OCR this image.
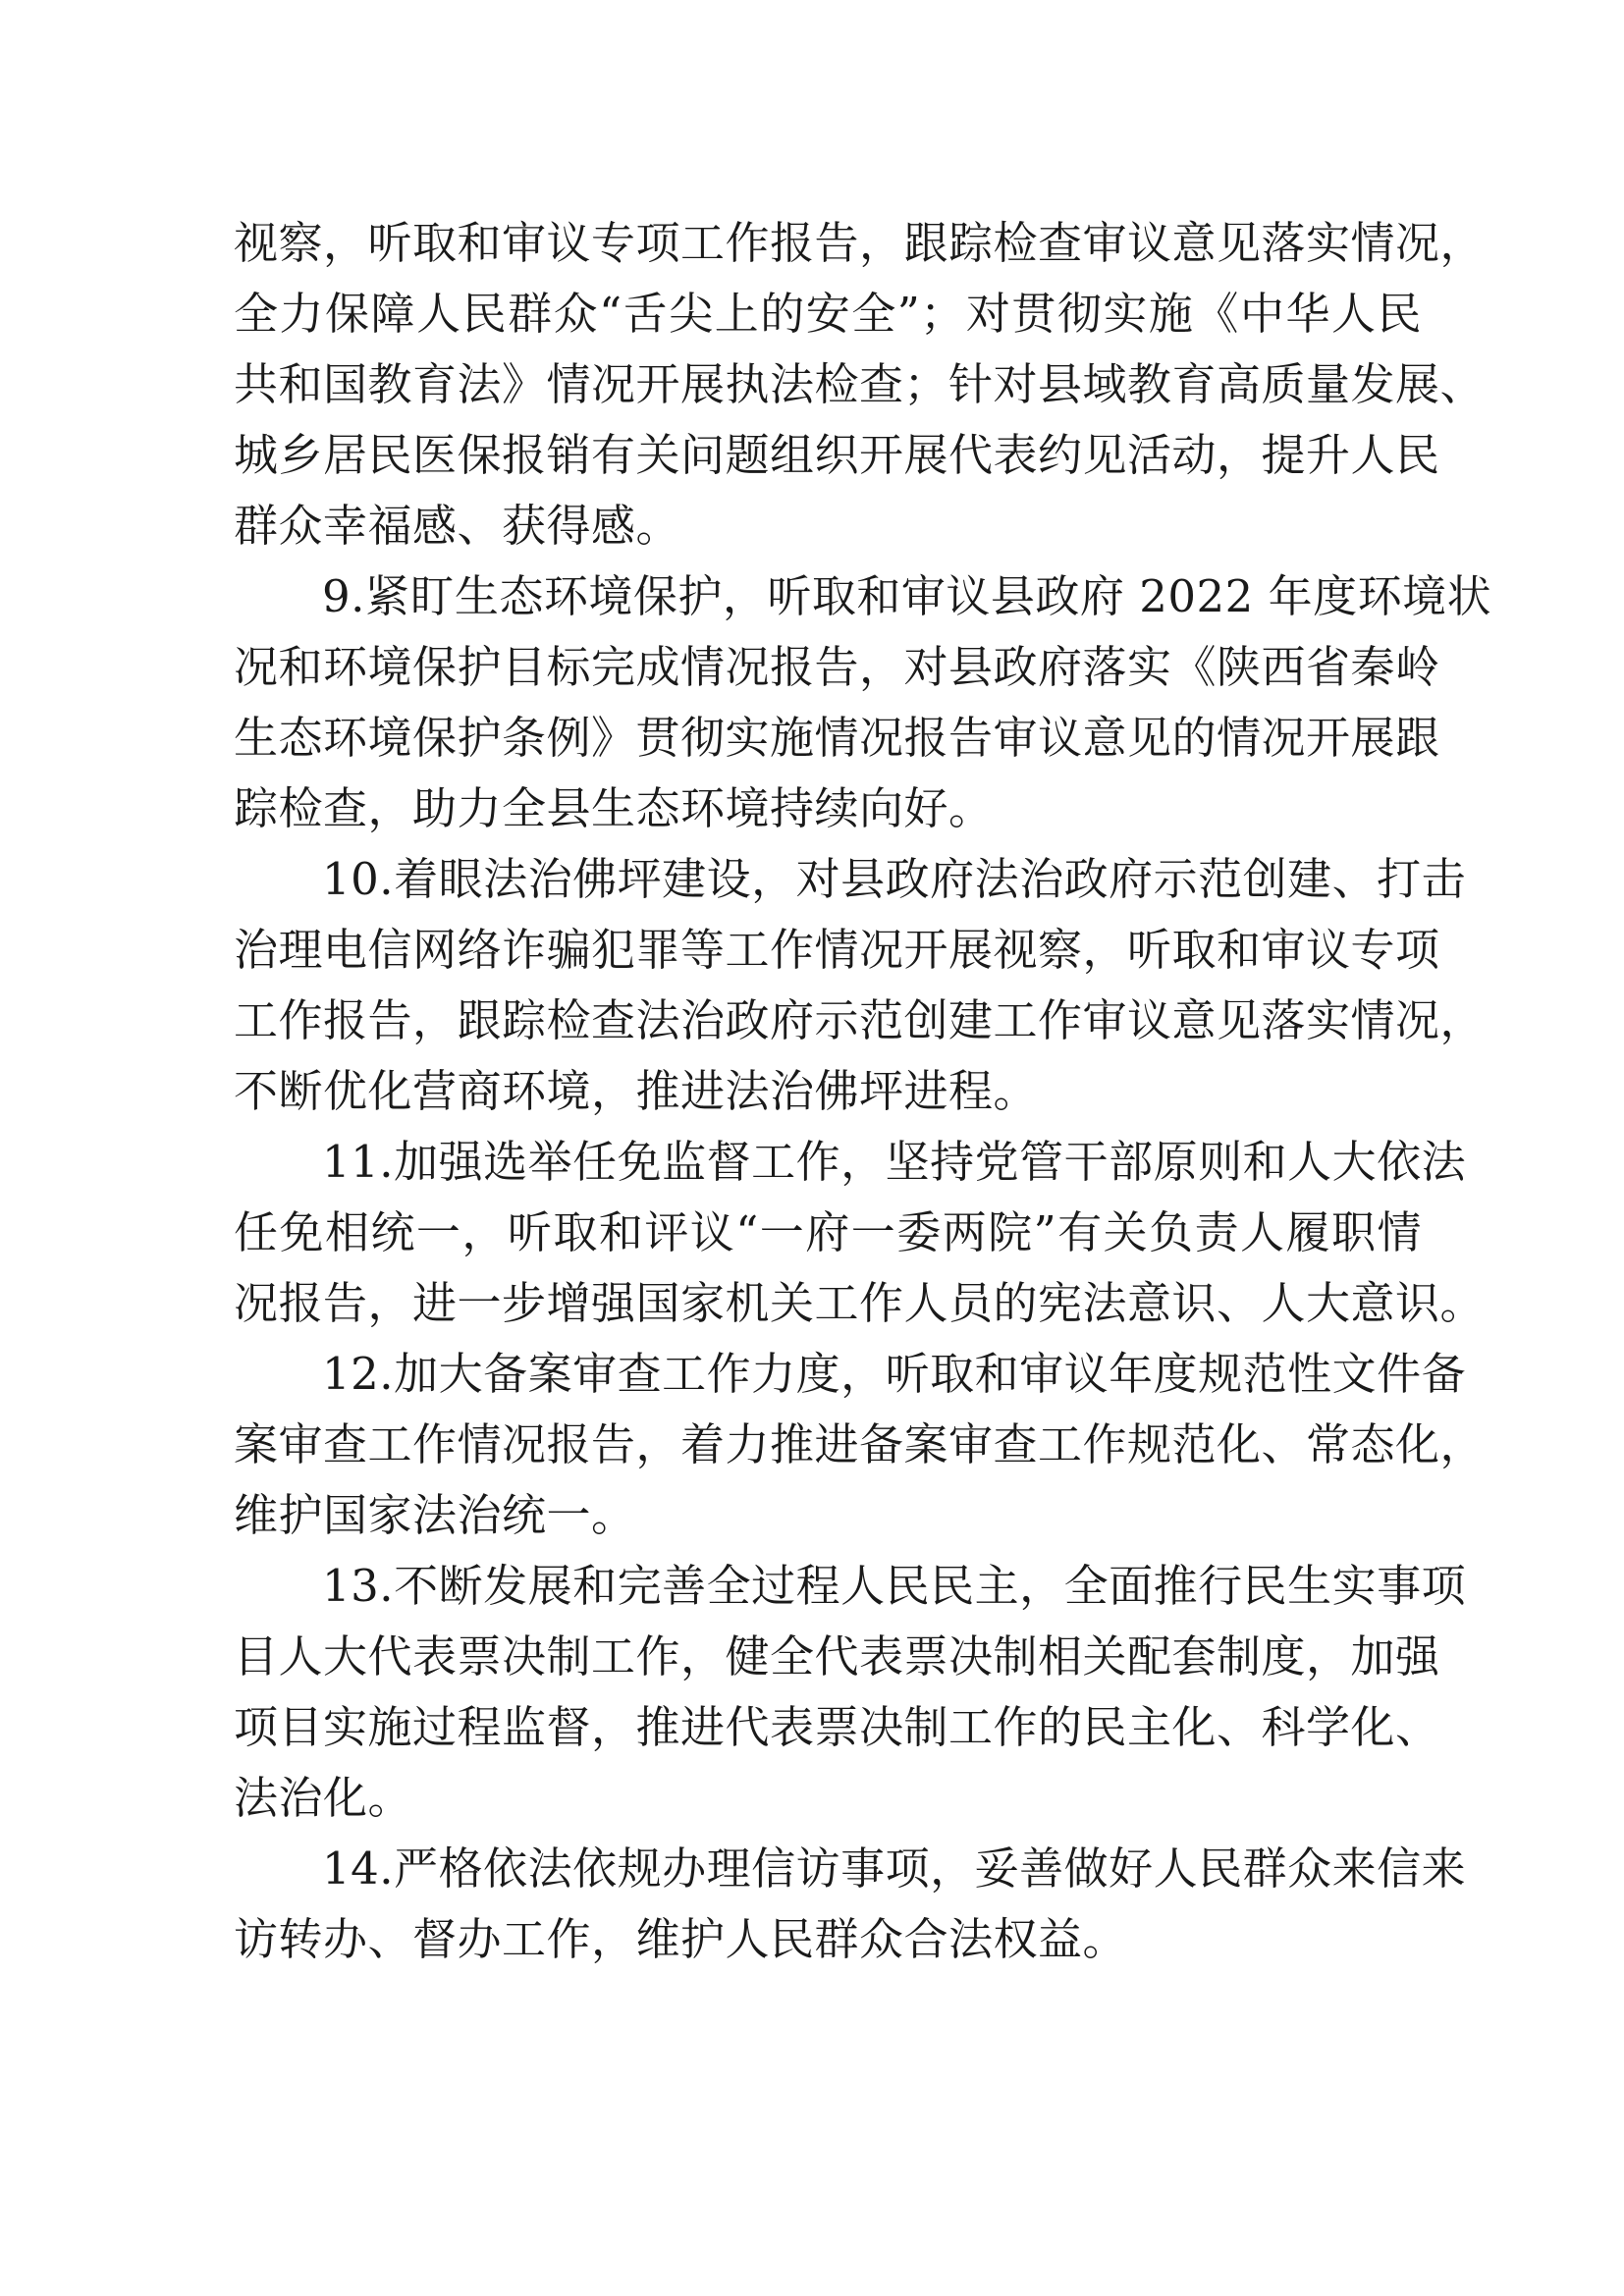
视察，听取和审议专项工作报告，跟踪检查审议意见落实情况，
全力保障人民群众“舌尖上的安全”；对贯彻实施《中华人民
共和国教育法》情况开展执法检查；针对县域教育高质量发展、
城乡居民医保报销有关问题组织开展代表约见活动，提升人民
群众幸福感、获得感。
9.紧盯生态环境保护，听取和审议县政府 2022 年度环境状
况和环境保护目标完成情况报告，对县政府落实《陕西省秦岭
生态环境保护条例》贯彻实施情况报告审议意见的情况开展跟
踪检查，助力全县生态环境持续向好。
10.着眼法治佛坪建设，对县政府法治政府示范创建、打击
治理电信网络诈骗犯罪等工作情况开展视察，听取和审议专项
工作报告，跟踪检查法治政府示范创建工作审议意见落实情况，
不断优化营商环境，推进法治佛坪进程。
11.加强选举任免监督工作，坚持党管干部原则和人大依法
任免相统一，听取和评议“一府一委两院”有关负责人履职情
况报告，进一步增强国家机关工作人员的宪法意识、人大意识。
12.加大备案审查工作力度，听取和审议年度规范性文件备
案审查工作情况报告，着力推进备案审查工作规范化、常态化，
维护国家法治统一。
13.不断发展和完善全过程人民民主，全面推行民生实事项
目人大代表票决制工作，健全代表票决制相关配套制度，加强
项目实施过程监督，推进代表票决制工作的民主化、科学化、
法治化。
14.严格依法依规办理信访事项，妥善做好人民群众来信来
访转办、督办工作，维护人民群众合法权益。
